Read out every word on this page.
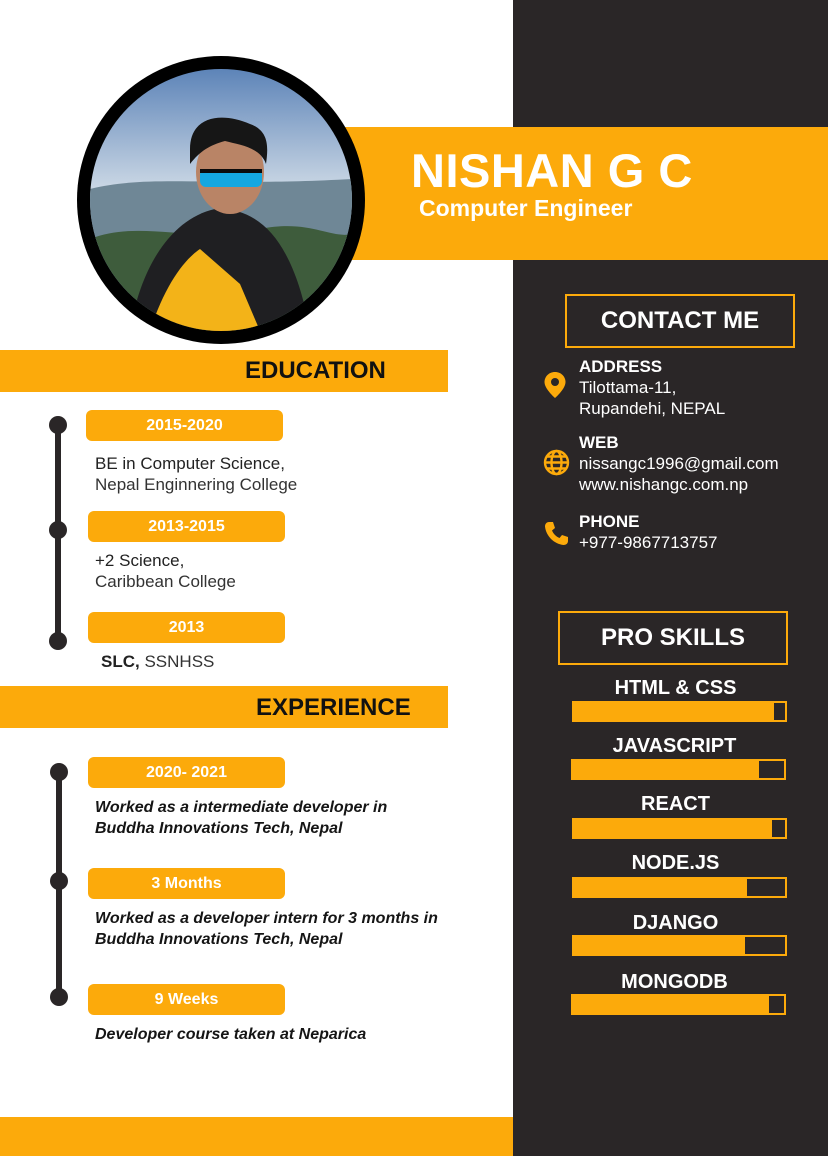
NISHAN G C
Computer Engineer
EDUCATION
2015-2020
BE in Computer Science,
Nepal Enginnering College
2013-2015
+2 Science,
Caribbean College
2013
SLC, SSNHSS
EXPERIENCE
2020- 2021
Worked as a intermediate developer in
Buddha Innovations Tech, Nepal
3 Months
Worked as a developer intern for 3 months in
Buddha Innovations Tech, Nepal
9 Weeks
Developer course taken at Neparica
CONTACT ME
ADDRESS
Tilottama-11,
Rupandehi, NEPAL
WEB
nissangc1996@gmail.com
www.nishangc.com.np
PHONE
+977-9867713757
PRO SKILLS
HTML & CSS
JAVASCRIPT
REACT
NODE.JS
DJANGO
MONGODB
